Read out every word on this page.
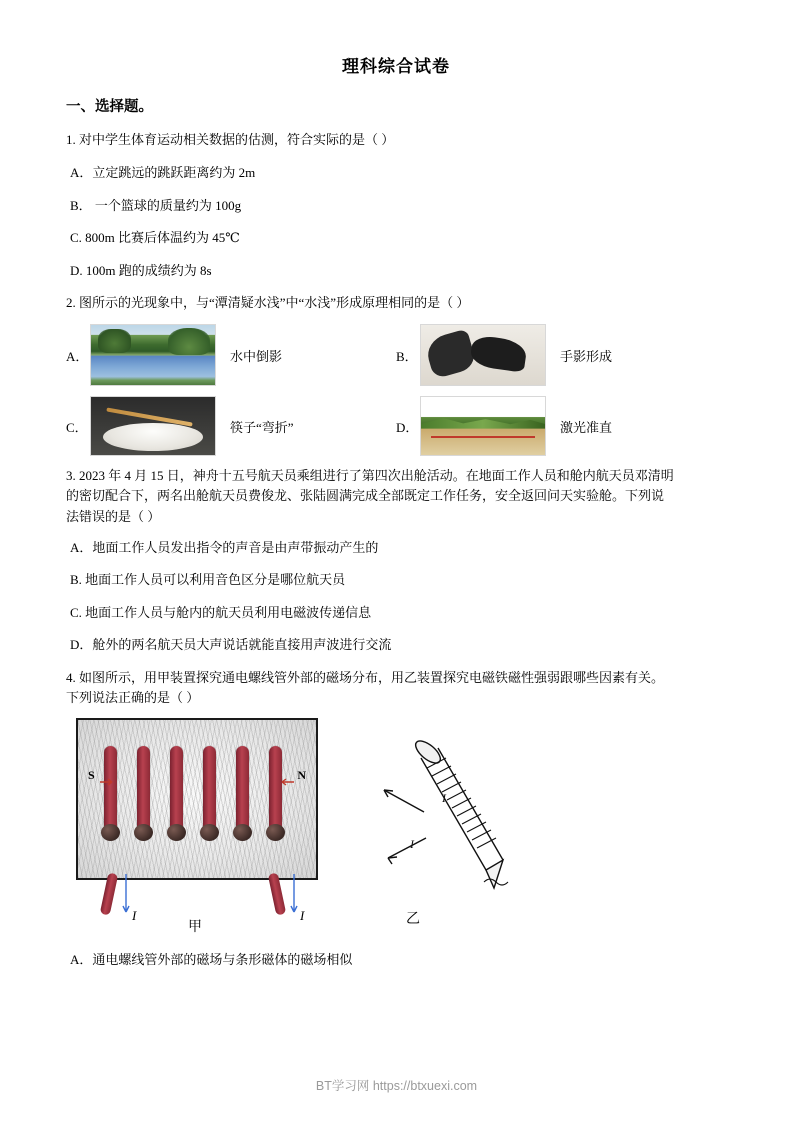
理科综合试卷
一、选择题。
1. 对中学生体育运动相关数据的估测，符合实际的是（ ）
A．立定跳远的跳跃距离约为 2m
B． 一个篮球的质量约为 100g
C. 800m 比赛后体温约为 45℃
D. 100m 跑的成绩约为 8s
2. 图所示的光现象中，与“潭清疑水浅”中“水浅”形成原理相同的是（ ）
A．	水中倒影	B．	手影形成
C．	筷子“弯折”	D．	激光准直
3. 2023 年 4 月 15 日，神舟十五号航天员乘组进行了第四次出舱活动。在地面工作人员和舱内航天员邓清明
的密切配合下，两名出舱航天员费俊龙、张陆圆满完成全部既定工作任务，安全返回问天实验舱。下列说
法错误的是（ ）
A．地面工作人员发出指令的声音是由声带振动产生的
B. 地面工作人员可以利用音色区分是哪位航天员
C. 地面工作人员与舱内的航天员利用电磁波传递信息
D．舱外的两名航天员大声说话就能直接用声波进行交流
4. 如图所示，用甲装置探究通电螺线管外部的磁场分布，用乙装置探究电磁铁磁性强弱跟哪些因素有关。
下列说法正确的是（ ）
S	N
I	I
甲
I
I
乙
A．通电螺线管外部的磁场与条形磁体的磁场相似
BT学习网 https://btxuexi.com
